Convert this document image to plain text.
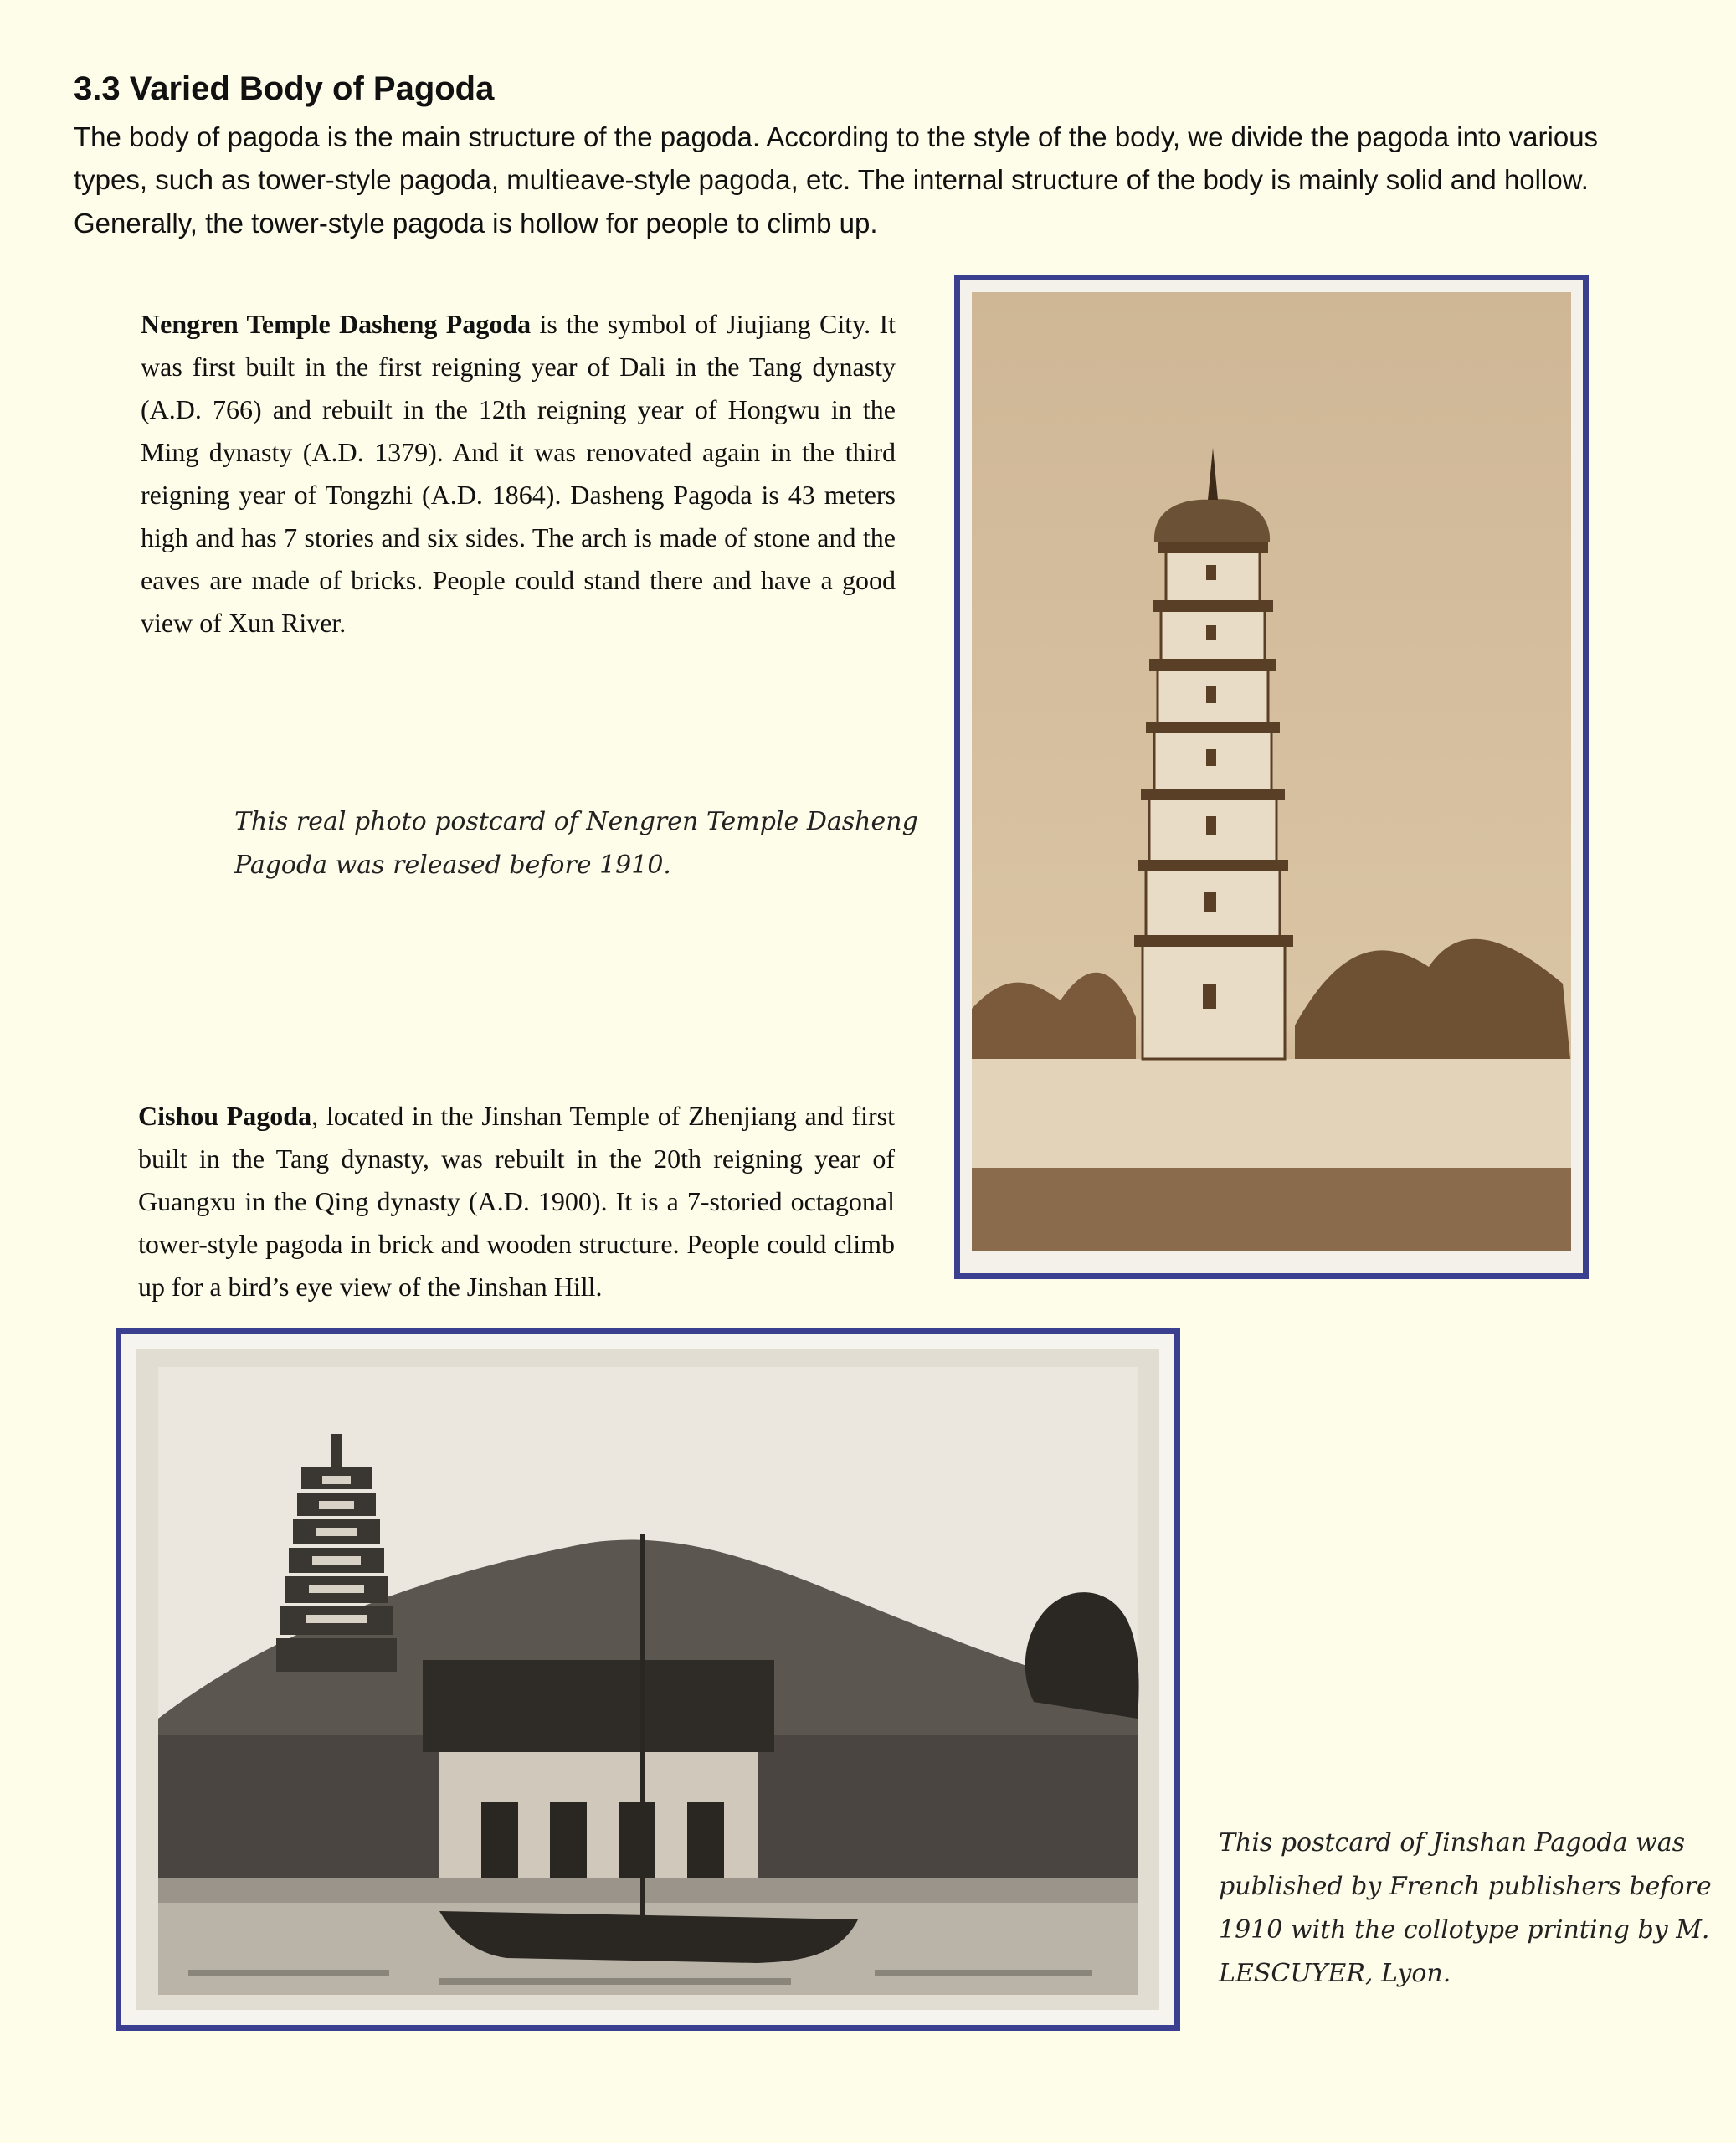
3.3 Varied Body of Pagoda

The body of pagoda is the main structure of the pagoda. According to the style of the body, we divide the pagoda into various types, such as tower-style pagoda, multieave-style pagoda, etc. The internal structure of the body is mainly solid and hollow. Generally, the tower-style pagoda is hollow for people to climb up.

Nengren Temple Dasheng Pagoda is the symbol of Jiujiang City. It was first built in the first reigning year of Dali in the Tang dynasty (A.D. 766) and rebuilt in the 12th reigning year of Hongwu in the Ming dynasty (A.D. 1379). And it was renovated again in the third reigning year of Tongzhi (A.D. 1864). Dasheng Pagoda is 43 meters high and has 7 stories and six sides. The arch is made of stone and the eaves are made of bricks. People could stand there and have a good view of Xun River.

This real photo postcard of Nengren Temple Dasheng
Pagoda was released before 1910.

Cishou Pagoda, located in the Jinshan Temple of Zhenjiang and first built in the Tang dynasty, was rebuilt in the 20th reigning year of Guangxu in the Qing dynasty (A.D. 1900). It is a 7-storied octagonal tower-style pagoda in brick and wooden structure. People could climb up for a bird’s eye view of the Jinshan Hill.

This postcard of Jinshan Pagoda was
published by French publishers before
1910 with the collotype printing by M.
LESCUYER, Lyon.
